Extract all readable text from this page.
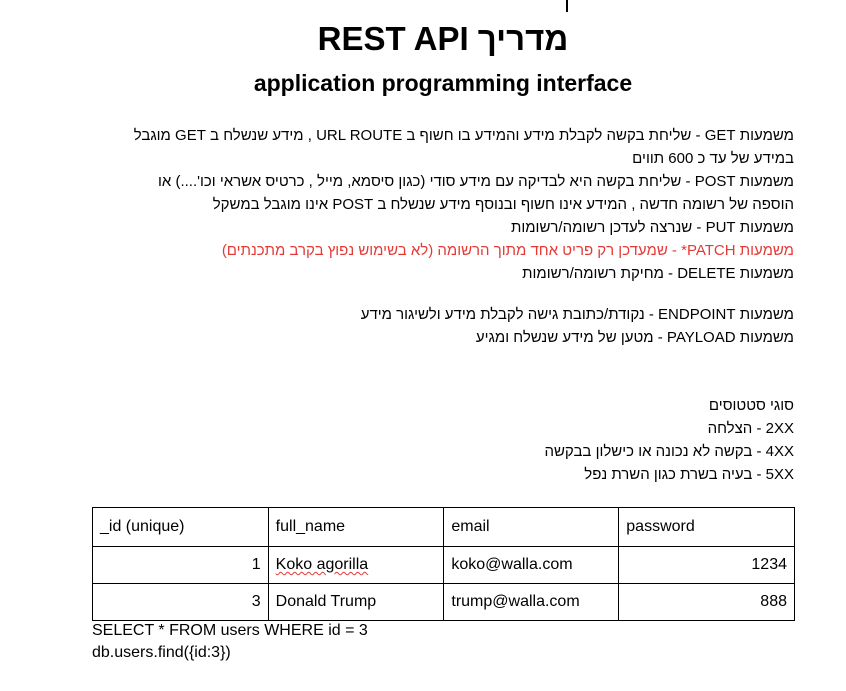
מדריך REST API
application programming interface
משמעות GET - שליחת בקשה לקבלת מידע והמידע בו חשוף ב URL ROUTE , מידע שנשלח ב GET מוגבל
במידע של עד כ 600 תווים
משמעות POST - שליחת בקשה היא לבדיקה עם מידע סודי (כגון סיסמא, מייל , כרטיס אשראי וכו'....) או
הוספה של רשומה חדשה , המידע אינו חשוף ובנוסף מידע שנשלח ב POST אינו מוגבל במשקל
משמעות PUT - שנרצה לעדכן רשומה/רשומות
משמעות PATCH* - שמעדכן רק פריט אחד מתוך הרשומה (לא בשימוש נפוץ בקרב מתכנתים)
משמעות DELETE - מחיקת רשומה/רשומות
משמעות ENDPOINT - נקודת/כתובת גישה לקבלת מידע ולשיגור מידע
משמעות PAYLOAD - מטען של מידע שנשלח ומגיע
סוגי סטטוסים
2XX - הצלחה
4XX - בקשה לא נכונה או כישלון בבקשה
5XX - בעיה בשרת כגון השרת נפל
_id (unique)	full_name	email	password
1	Koko agorilla	koko@walla.com	1234
3	Donald Trump	trump@walla.com	888
SELECT * FROM users WHERE id = 3
db.users.find({id:3})
